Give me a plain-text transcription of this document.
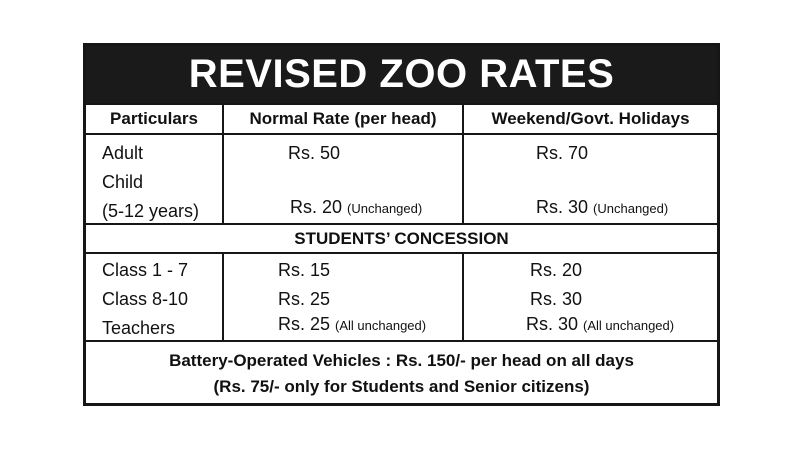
REVISED ZOO RATES
Particulars	Normal Rate (per head)	Weekend/Govt. Holidays
Adult
Child
(5-12 years)
Rs. 50
Rs. 20 (Unchanged)
Rs. 70
Rs. 30 (Unchanged)
STUDENTS’ CONCESSION
Class 1 - 7
Class 8-10
Teachers
Rs. 15
Rs. 25
Rs. 25 (All unchanged)
Rs. 20
Rs. 30
Rs. 30 (All unchanged)
Battery-Operated Vehicles : Rs. 150/- per head on all days
(Rs. 75/- only for Students and Senior citizens)
